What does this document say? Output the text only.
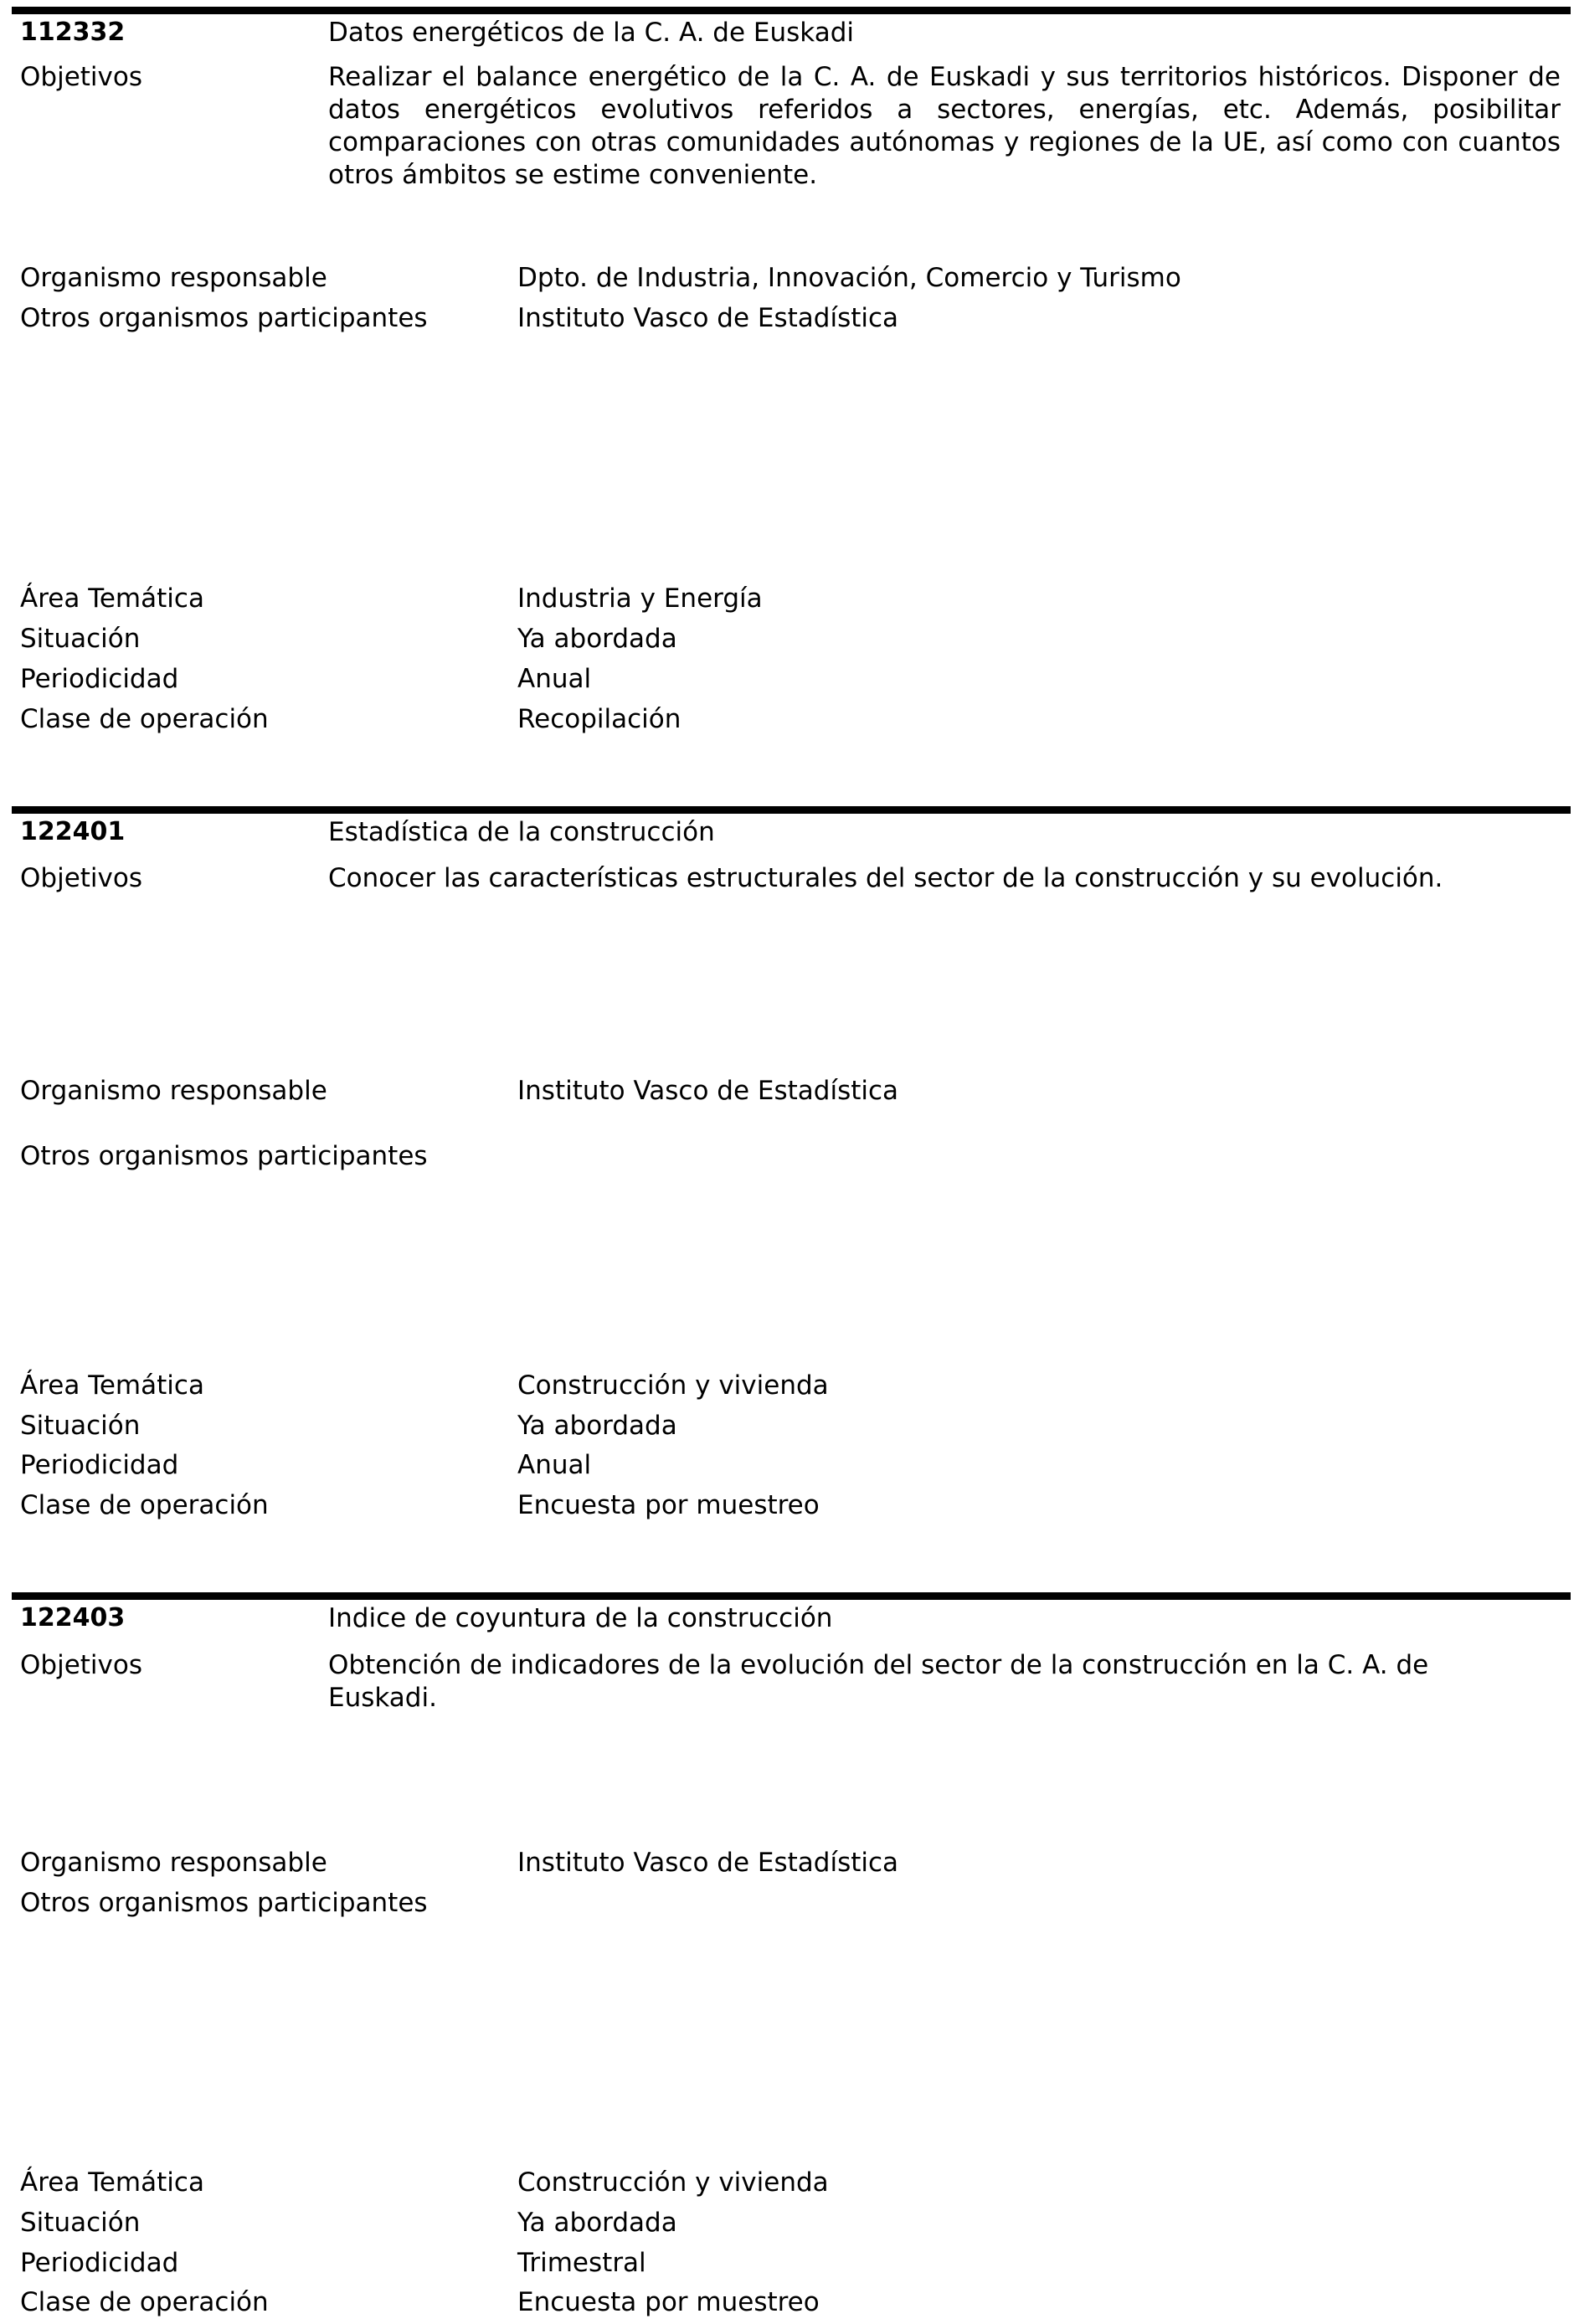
112332	Datos energéticos de la C. A. de Euskadi
Objetivos	Realizar el balance energético de la C. A. de Euskadi y sus territorios históricos. Disponer de datos energéticos evolutivos referidos a sectores, energías, etc. Además, posibilitar comparaciones con otras comunidades autónomas y regiones de la UE, así como con cuantos otros ámbitos se estime conveniente.
Organismo responsable	Dpto. de Industria, Innovación, Comercio y Turismo
Otros organismos participantes	Instituto Vasco de Estadística
Área Temática	Industria y Energía
Situación	Ya abordada
Periodicidad	Anual
Clase de operación	Recopilación
122401	Estadística de la construcción
Objetivos	Conocer las características estructurales del sector de la construcción y su evolución.
Organismo responsable	Instituto Vasco de Estadística
Otros organismos participantes
Área Temática	Construcción y vivienda
Situación	Ya abordada
Periodicidad	Anual
Clase de operación	Encuesta por muestreo
122403	Indice de coyuntura de la construcción
Objetivos	Obtención de indicadores de la evolución del sector de la construcción en la C. A. de
Euskadi.
Organismo responsable	Instituto Vasco de Estadística
Otros organismos participantes
Área Temática	Construcción y vivienda
Situación	Ya abordada
Periodicidad	Trimestral
Clase de operación	Encuesta por muestreo
